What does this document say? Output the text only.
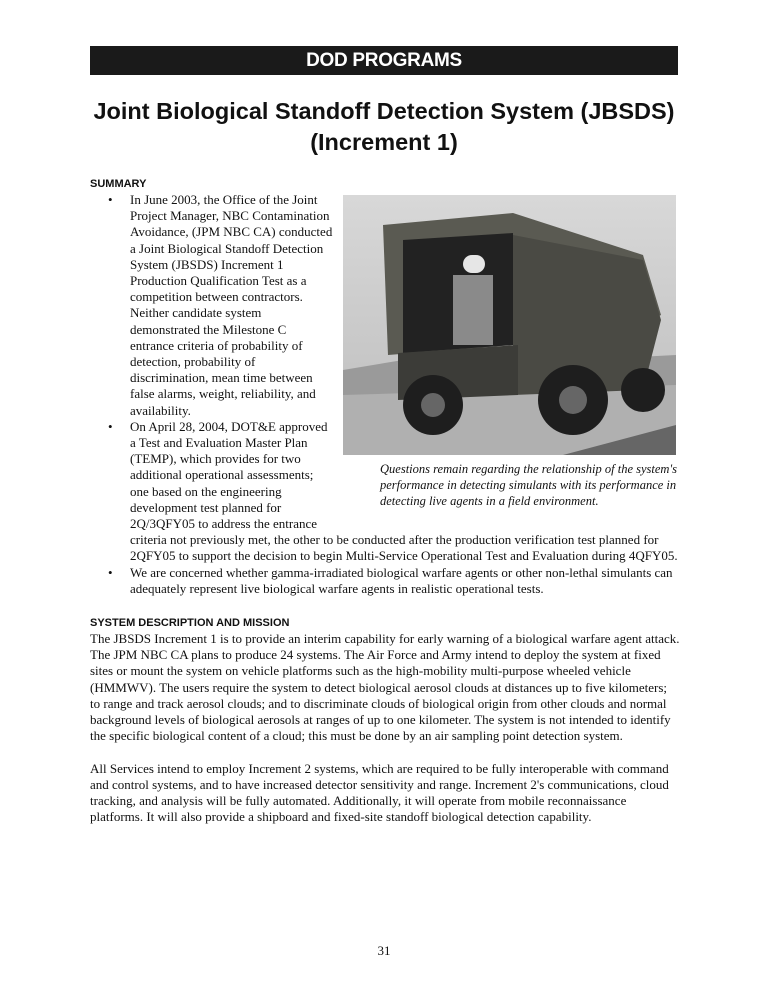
DOD PROGRAMS
Joint Biological Standoff Detection System (JBSDS)
(Increment 1)
SUMMARY
Questions remain regarding the relationship of the system's performance in detecting simulants with its performance in detecting live agents in a field environment.
• In June 2003, the Office of the Joint Project Manager, NBC Contamination Avoidance, (JPM NBC CA) conducted a Joint Biological Standoff Detection System (JBSDS) Increment 1 Production Qualification Test as a competition between contractors. Neither candidate system demonstrated the Milestone C entrance criteria of probability of detection, probability of discrimination, mean time between false alarms, weight, reliability, and availability.
• On April 28, 2004, DOT&E approved a Test and Evaluation Master Plan (TEMP), which provides for two additional operational assessments; one based on the engineering development test planned for 2Q/3QFY05 to address the entrance criteria not previously met, the other to be conducted after the production verification test planned for 2QFY05 to support the decision to begin Multi-Service Operational Test and Evaluation during 4QFY05.
• We are concerned whether gamma-irradiated biological warfare agents or other non-lethal simulants can adequately represent live biological warfare agents in realistic operational tests.
SYSTEM DESCRIPTION AND MISSION

The JBSDS Increment 1 is to provide an interim capability for early warning of a biological warfare agent attack. The JPM NBC CA plans to produce 24 systems. The Air Force and Army intend to deploy the system at fixed sites or mount the system on vehicle platforms such as the high-mobility multi-purpose wheeled vehicle (HMMWV). The users require the system to detect biological aerosol clouds at distances up to five kilometers; to range and track aerosol clouds; and to discriminate clouds of biological origin from other clouds and normal background levels of biological aerosols at ranges of up to one kilometer. The system is not intended to identify the specific biological content of a cloud; this must be done by an air sampling point detection system.

All Services intend to employ Increment 2 systems, which are required to be fully interoperable with command and control systems, and to have increased detector sensitivity and range. Increment 2's communications, cloud tracking, and analysis will be fully automated. Additionally, it will operate from mobile reconnaissance platforms. It will also provide a shipboard and fixed-site standoff biological detection capability.

31
